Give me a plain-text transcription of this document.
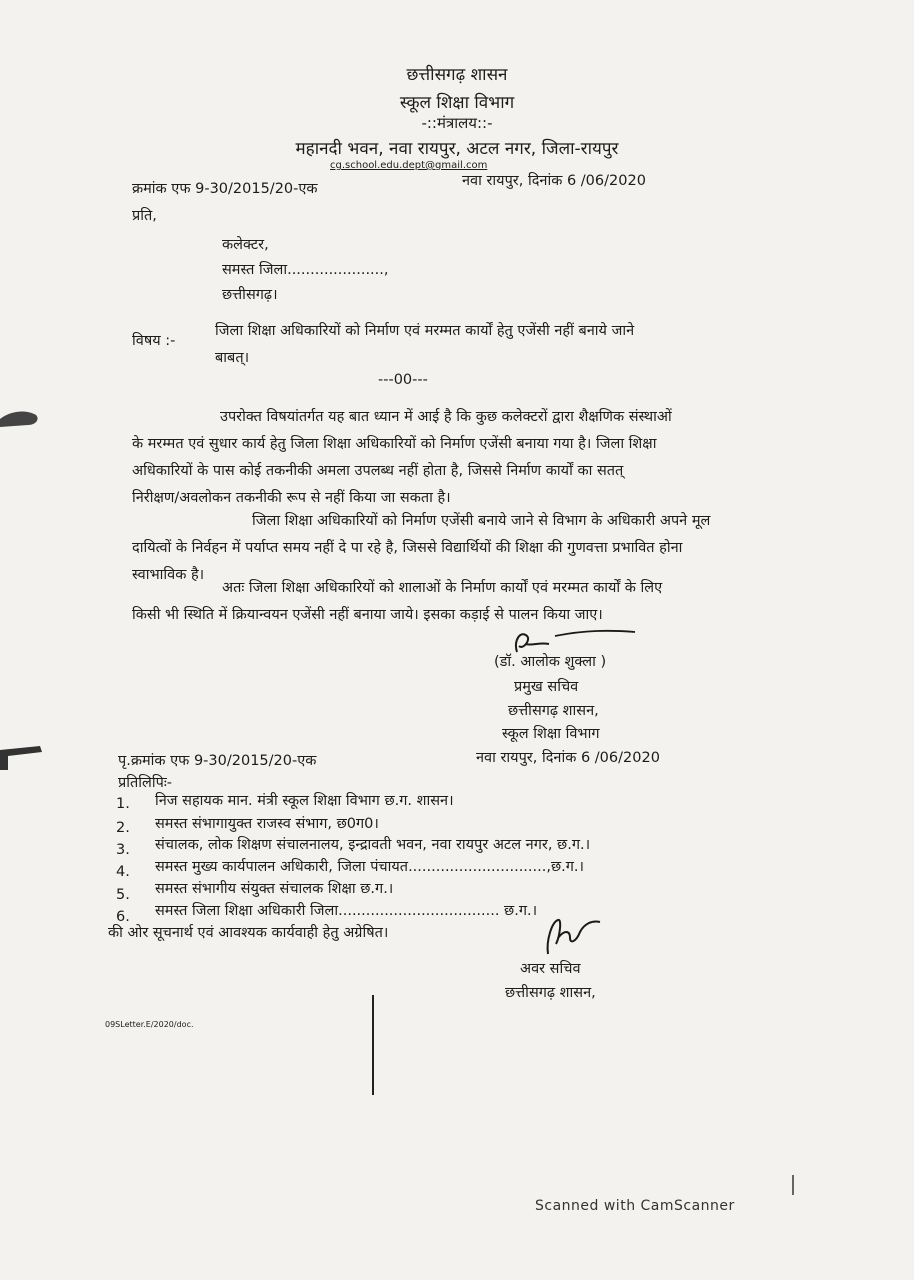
छत्तीसगढ़ शासन
स्कूल शिक्षा विभाग
-::मंत्रालय::-
महानदी भवन, नवा रायपुर, अटल नगर, जिला-रायपुर
cg.school.edu.dept@gmail.com
क्रमांक एफ 9-30/2015/20-एक	नवा रायपुर, दिनांक 6 /06/2020
प्रति,
कलेक्टर,
समस्त जिला.....................,
छत्तीसगढ़।
विषय :-
जिला शिक्षा अधिकारियों को निर्माण एवं मरम्मत कार्यों हेतु एजेंसी नहीं बनाये जाने
बाबत्।
---00---
उपरोक्त विषयांतर्गत यह बात ध्यान में आई है कि कुछ कलेक्टरों द्वारा शैक्षणिक संस्थाओं
के मरम्मत एवं सुधार कार्य हेतु जिला शिक्षा अधिकारियों को निर्माण एजेंसी बनाया गया है। जिला शिक्षा
अधिकारियों के पास कोई तकनीकी अमला उपलब्ध नहीं होता है, जिससे निर्माण कार्यों का सतत्
निरीक्षण/अवलोकन तकनीकी रूप से नहीं किया जा सकता है।
जिला शिक्षा अधिकारियों को निर्माण एजेंसी बनाये जाने से विभाग के अधिकारी अपने मूल
दायित्वों के निर्वहन में पर्याप्त समय नहीं दे पा रहे है, जिससे विद्यार्थियों की शिक्षा की गुणवत्ता प्रभावित होना
स्वाभाविक है।
अतः जिला शिक्षा अधिकारियों को शालाओं के निर्माण कार्यों एवं मरम्मत कार्यों के लिए
किसी भी स्थिति में क्रियान्वयन एजेंसी नहीं बनाया जाये। इसका कड़ाई से पालन किया जाए।
(डॉ. आलोक शुक्ला )
प्रमुख सचिव
छत्तीसगढ़ शासन,
स्कूल शिक्षा विभाग
नवा रायपुर, दिनांक 6 /06/2020
पृ.क्रमांक एफ 9-30/2015/20-एक
प्रतिलिपिः-
1. निज सहायक मान. मंत्री स्कूल शिक्षा विभाग छ.ग. शासन।
2. समस्त संभागायुक्त राजस्व संभाग, छ0ग0।
3. संचालक, लोक शिक्षण संचालनालय, इन्द्रावती भवन, नवा रायपुर अटल नगर, छ.ग.।
4. समस्त मुख्य कार्यपालन अधिकारी, जिला पंचायत..............................,छ.ग.।
5. समस्त संभागीय संयुक्त संचालक शिक्षा छ.ग.।
6. समस्त जिला शिक्षा अधिकारी जिला................................... छ.ग.।
की ओर सूचनार्थ एवं आवश्यक कार्यवाही हेतु अग्रेषित।
अवर सचिव
छत्तीसगढ़ शासन,
09SLetter.E/2020/doc.
Scanned with CamScanner
